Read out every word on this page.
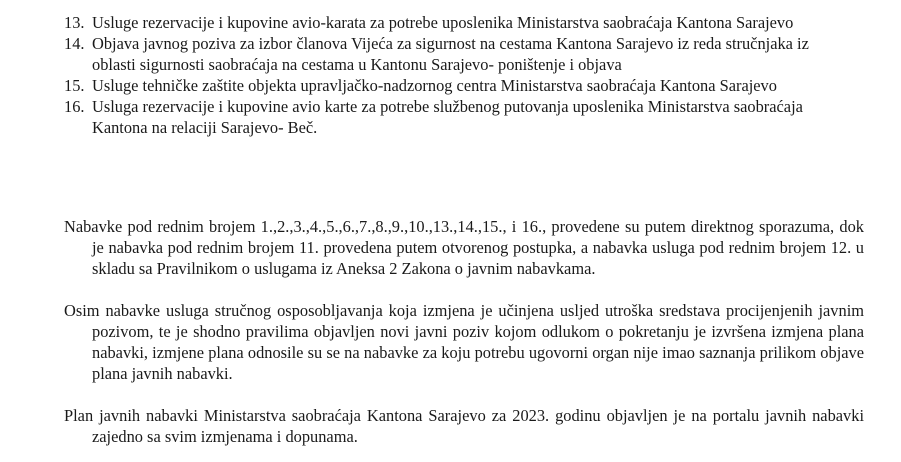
13. Usluge rezervacije i kupovine avio-karata za potrebe uposlenika Ministarstva saobraćaja Kantona Sarajevo
14. Objava javnog poziva za izbor članova Vijeća za sigurnost na cestama Kantona Sarajevo iz reda stručnjaka iz oblasti sigurnosti saobraćaja na cestama u Kantonu Sarajevo- poništenje i objava
15. Usluge tehničke zaštite objekta upravljačko-nadzornog centra Ministarstva saobraćaja Kantona Sarajevo
16. Usluga rezervacije i kupovine avio karte za potrebe službenog putovanja uposlenika Ministarstva saobraćaja Kantona na relaciji Sarajevo- Beč.

Nabavke pod rednim brojem 1.,2.,3.,4.,5.,6.,7.,8.,9.,10.,13.,14.,15., i 16., provedene su putem direktnog sporazuma, dok je nabavka pod rednim brojem 11. provedena putem otvorenog postupka, a nabavka usluga pod rednim brojem 12. u skladu sa Pravilnikom o uslugama iz Aneksa 2 Zakona o javnim nabavkama.

Osim nabavke usluga stručnog osposobljavanja koja izmjena je učinjena usljed utroška sredstava procijenjenih javnim pozivom, te je shodno pravilima objavljen novi javni poziv kojom odlukom o pokretanju je izvršena izmjena plana nabavki, izmjene plana odnosile su se na nabavke za koju potrebu ugovorni organ nije imao saznanja prilikom objave plana javnih nabavki.

Plan javnih nabavki Ministarstva saobraćaja Kantona Sarajevo za 2023. godinu objavljen je na portalu javnih nabavki zajedno sa svim izmjenama i dopunama.
